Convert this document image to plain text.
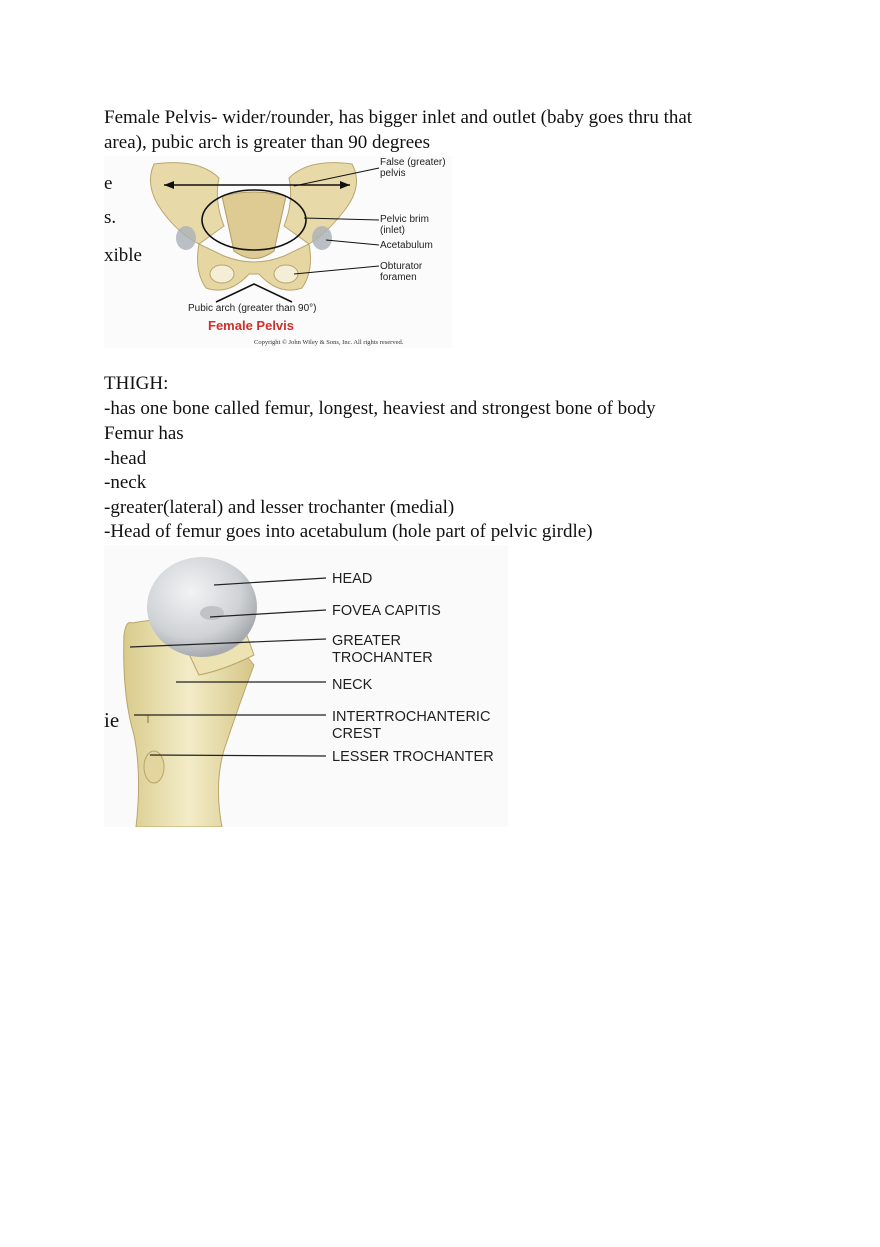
Female Pelvis- wider/rounder, has bigger inlet and outlet (baby goes thru that
area), pubic arch is greater than 90 degrees
e
s.
xible
False (greater)
pelvis
Pelvic brim
(inlet)
Acetabulum
Obturator
foramen
Pubic arch (greater than 90°)
Female Pelvis
Copyright © John Wiley & Sons, Inc. All rights reserved.
THIGH:
-has one bone called femur, longest, heaviest and strongest bone of body
Femur has
-head
-neck
-greater(lateral) and lesser trochanter (medial)
-Head of femur goes into acetabulum (hole part of pelvic girdle)
ie
HEAD
FOVEA CAPITIS
GREATER
TROCHANTER
NECK
INTERTROCHANTERIC
CREST
LESSER TROCHANTER
